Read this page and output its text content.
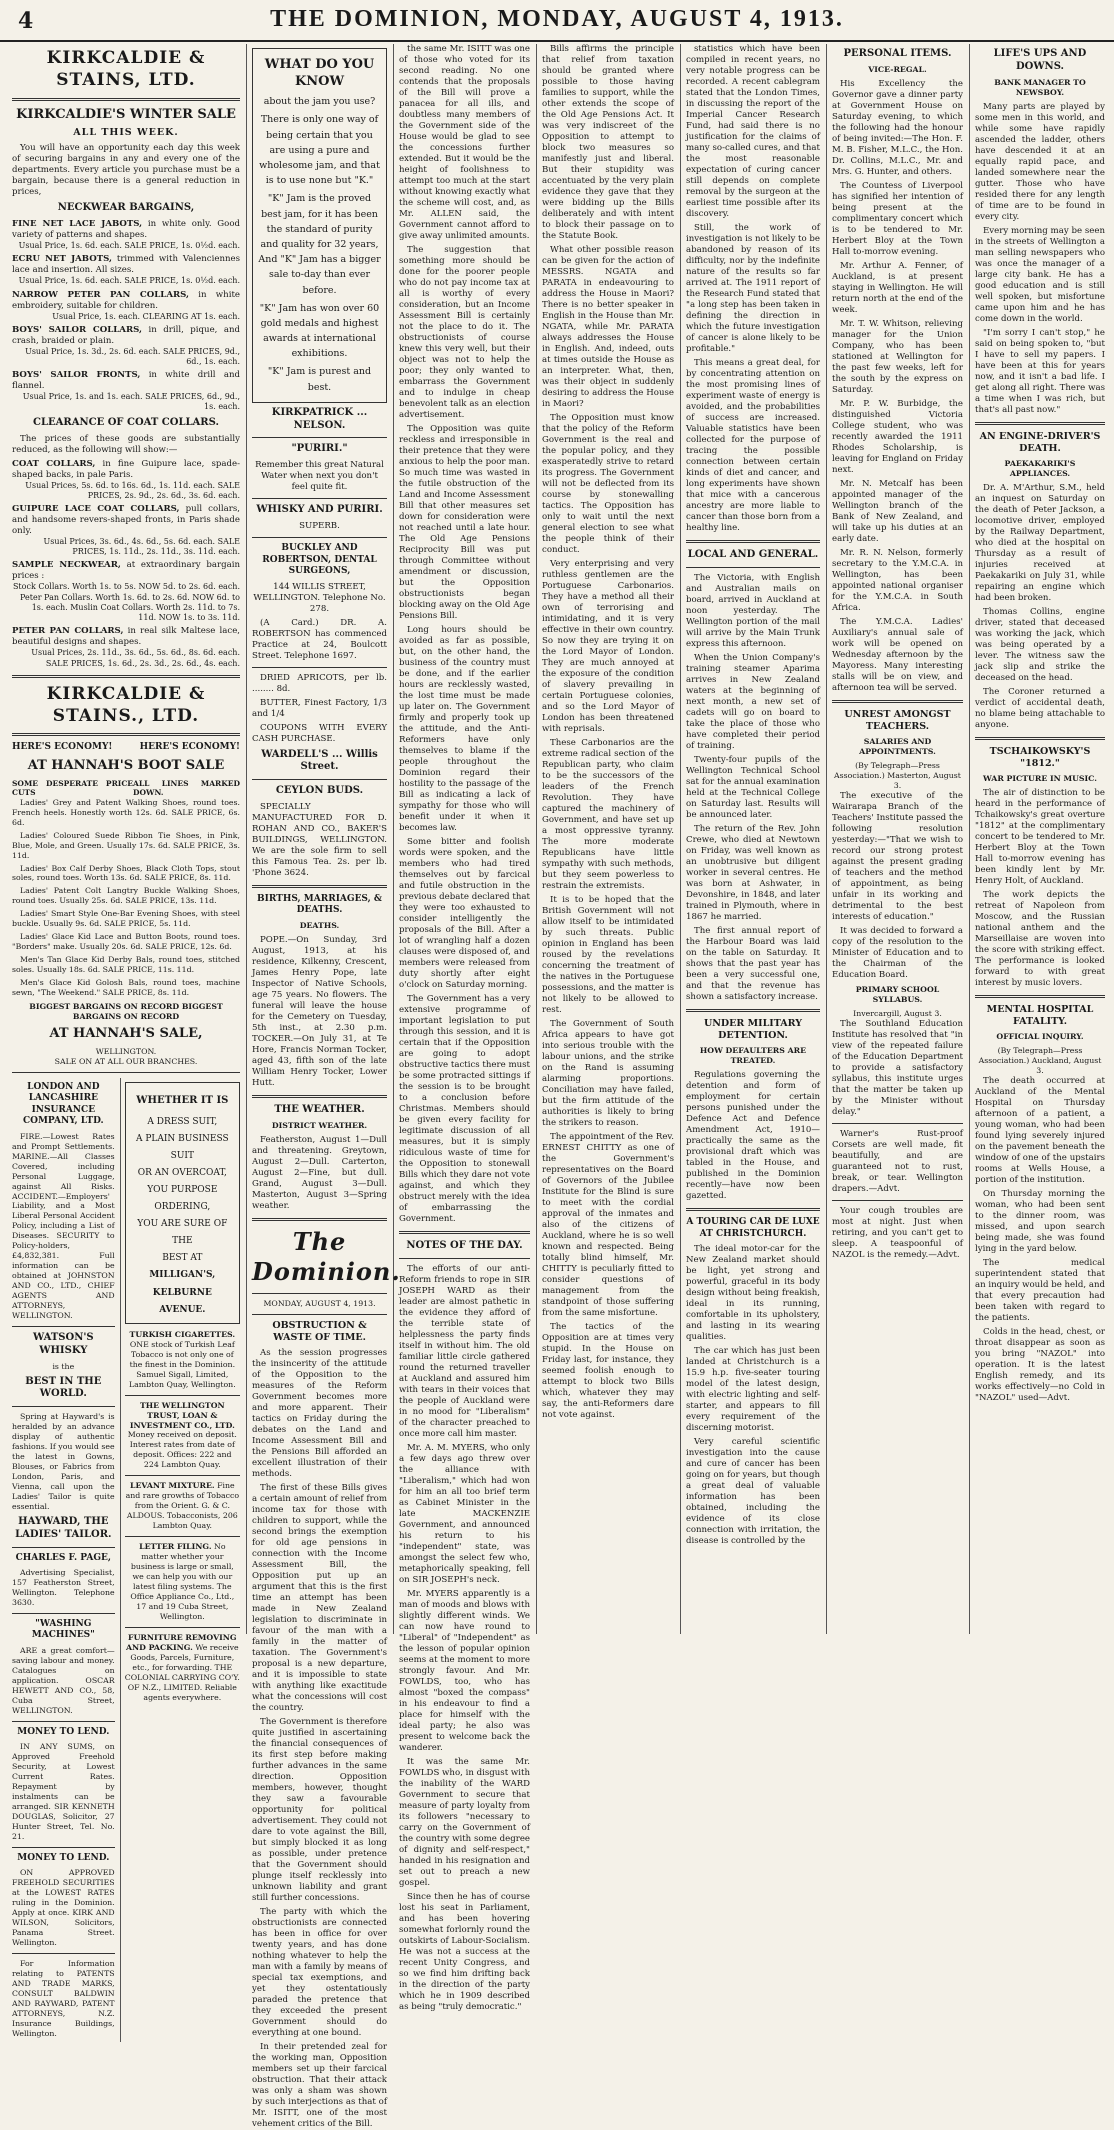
4	THE DOMINION, MONDAY, AUGUST 4, 1913.
KIRKCALDIE & STAINS, LTD.
KIRKCALDIE'S WINTER SALE
ALL THIS WEEK.

You will have an opportunity each day this week of securing bargains in any and every one of the departments. Every article you purchase must be a bargain, because there is a general reduction in prices,

NECKWEAR BARGAINS,
FINE NET LACE JABOTS, in white only. Good variety of patterns and shapes.
Usual Price, 1s. 6d. each. SALE PRICE, 1s. 0½d. each.
ECRU NET JABOTS, trimmed with Valenciennes lace and insertion. All sizes.
Usual Price, 1s. 6d. each. SALE PRICE, 1s. 0½d. each.
NARROW PETER PAN COLLARS, in white embroidery, suitable for children.
Usual Price, 1s. each. CLEARING AT 1s. each.
BOYS' SAILOR COLLARS, in drill, pique, and crash, braided or plain.
Usual Price, 1s. 3d., 2s. 6d. each. SALE PRICES, 9d., 6d., 1s. each.
BOYS' SAILOR FRONTS, in white drill and flannel.
Usual Price, 1s. and 1s. each. SALE PRICES, 6d., 9d., 1s. each.
CLEARANCE OF COAT COLLARS.

The prices of these goods are substantially reduced, as the following will show:—

COAT COLLARS, in fine Guipure lace, spade-shaped backs, in pale Paris.
Usual Prices, 5s. 6d. to 16s. 6d., 1s. 11d. each. SALE PRICES, 2s. 9d., 2s. 6d., 3s. 6d. each.
GUIPURE LACE COAT COLLARS, pull collars, and handsome revers-shaped fronts, in Paris shade only.
Usual Prices, 3s. 6d., 4s. 6d., 5s. 6d. each. SALE PRICES, 1s. 11d., 2s. 11d., 3s. 11d. each.
SAMPLE NECKWEAR, at extraordinary bargain prices :
Stock Collars. Worth 1s. to 5s. NOW 5d. to 2s. 6d. each. Peter Pan Collars. Worth 1s. 6d. to 2s. 6d. NOW 6d. to 1s. each. Muslin Coat Collars. Worth 2s. 11d. to 7s. 11d. NOW 1s. to 3s. 11d.
PETER PAN COLLARS, in real silk Maltese lace, beautiful designs and shapes.
Usual Prices, 2s. 11d., 3s. 6d., 5s. 6d., 8s. 6d. each. SALE PRICES, 1s. 6d., 2s. 3d., 2s. 6d., 4s. each.
KIRKCALDIE & STAINS., LTD.
HERE'S ECONOMY!	HERE'S ECONOMY!
AT HANNAH'S BOOT SALE
SOME DESPERATE PRICE CUTS
ALL LINES MARKED DOWN.

Ladies' Grey and Patent Walking Shoes, round toes. French heels. Honestly worth 12s. 6d. SALE PRICE, 6s. 6d.

Ladies' Coloured Suede Ribbon Tie Shoes, in Pink, Blue, Mole, and Green. Usually 17s. 6d. SALE PRICE, 3s. 11d.

Ladies' Box Calf Derby Shoes, Black Cloth Tops, stout soles, round toes. Worth 13s. 6d. SALE PRICE, 8s. 11d.

Ladies' Patent Colt Langtry Buckle Walking Shoes, round toes. Usually 25s. 6d. SALE PRICE, 13s. 11d.

Ladies' Smart Style One-Bar Evening Shoes, with steel buckle. Usually 9s. 6d. SALE PRICE, 5s. 11d.

Ladies' Glace Kid Lace and Button Boots, round toes. "Borders" make. Usually 20s. 6d. SALE PRICE, 12s. 6d.

Men's Tan Glace Kid Derby Bals, round toes, stitched soles. Usually 18s. 6d. SALE PRICE, 11s. 11d.

Men's Glace Kid Golosh Bals, round toes, machine sewn, "The Weekend." SALE PRICE, 8s. 11d.

BIGGEST BARGAINS ON RECORD BIGGEST BARGAINS ON RECORD
AT HANNAH'S SALE,
WELLINGTON.
SALE ON AT ALL OUR BRANCHES.
LONDON AND LANCASHIRE INSURANCE COMPANY, LTD.

FIRE.—Lowest Rates and Prompt Settlements. MARINE.—All Classes Covered, including Personal Luggage, against All Risks. ACCIDENT.—Employers' Liability, and a Most Liberal Personal Accident Policy, including a List of Diseases. SECURITY to Policy-holders, £4,832,381. Full information can be obtained at JOHNSTON AND CO., LTD., CHIEF AGENTS AND ATTORNEYS, WELLINGTON.

WATSON'S WHISKY
is the
BEST IN THE WORLD.

Spring at Hayward's is heralded by an advance display of authentic fashions. If you would see the latest in Gowns, Blouses, or Fabrics from London, Paris, and Vienna, call upon the Ladies' Tailor is quite essential.

HAYWARD, THE LADIES' TAILOR.
CHARLES F. PAGE,

Advertising Specialist, 157 Featherston Street, Wellington. Telephone 3630.

"WASHING MACHINES"

ARE a great comfort—saving labour and money. Catalogues on application. OSCAR HEWETT AND CO., 58, Cuba Street, WELLINGTON.

MONEY TO LEND.

IN ANY SUMS, on Approved Freehold Security, at Lowest Current Rates. Repayment by instalments can be arranged. SIR KENNETH DOUGLAS, Solicitor, 27 Hunter Street, Tel. No. 21.

MONEY TO LEND.

ON APPROVED FREEHOLD SECURITIES at the LOWEST RATES ruling in the Dominion. Apply at once. KIRK AND WILSON, Solicitors, Panama Street. Wellington.

For Information relating to PATENTS AND TRADE MARKS, CONSULT BALDWIN AND RAYWARD, PATENT ATTORNEYS, N.Z. Insurance Buildings, Wellington.

WHETHER IT IS
A DRESS SUIT,
A PLAIN BUSINESS SUIT
OR AN OVERCOAT,
YOU PURPOSE ORDERING,
YOU ARE SURE OF THE
BEST AT
MILLIGAN'S,
KELBURNE AVENUE.
TURKISH CIGARETTES. ONE stock of Turkish Leaf Tobacco is not only one of the finest in the Dominion. Samuel Sigall, Limited, Lambton Quay, Wellington.
THE WELLINGTON TRUST, LOAN & INVESTMENT CO., LTD. Money received on deposit. Interest rates from date of deposit. Offices: 222 and 224 Lambton Quay.
LEVANT MIXTURE. Fine and rare growths of Tobacco from the Orient. G. & C. ALDOUS. Tobacconists, 206 Lambton Quay.
LETTER FILING. No matter whether your business is large or small, we can help you with our latest filing systems. The Office Appliance Co., Ltd., 17 and 19 Cuba Street, Wellington.
FURNITURE REMOVING AND PACKING. We receive Goods, Parcels, Furniture, etc., for forwarding. THE COLONIAL CARRYING CO'Y. OF N.Z., LIMITED. Reliable agents everywhere.
WHAT DO YOU KNOW

about the jam you use?

There is only one way of being certain that you are using a pure and wholesome jam, and that is to use none but "K."

"K" Jam is the proved best jam, for it has been the standard of purity and quality for 32 years, And "K" Jam has a bigger sale to-day than ever before.

"K" Jam has won over 60 gold medals and highest awards at international exhibitions.

"K" Jam is purest and best.

KIRKPATRICK ... NELSON.
"PURIRI."

Remember this great Natural Water when next you don't feel quite fit.

WHISKY AND PURIRI.
SUPERB.
BUCKLEY AND ROBERTSON, DENTAL SURGEONS,

144 WILLIS STREET, WELLINGTON. Telephone No. 278.

(A Card.) DR. A. ROBERTSON has commenced Practice at 24, Boulcott Street. Telephone 1697.

DRIED APRICOTS, per lb. ........ 8d.

BUTTER, Finest Factory, 1/3 and 1/4

COUPONS WITH EVERY CASH PURCHASE.

WARDELL'S ... Willis Street.
CEYLON BUDS.

SPECIALLY MANUFACTURED FOR D. ROHAN AND CO., BAKER'S BUILDINGS, WELLINGTON. We are the sole firm to sell this Famous Tea. 2s. per lb. 'Phone 3624.

BIRTHS, MARRIAGES, & DEATHS.
DEATHS.

POPE.—On Sunday, 3rd August, 1913, at his residence, Kilkenny, Crescent, James Henry Pope, late Inspector of Native Schools, age 75 years. No flowers. The funeral will leave the house for the Cemetery on Tuesday, 5th inst., at 2.30 p.m. TOCKER.—On July 31, at Te Hore, Francis Norman Tocker, aged 43, fifth son of the late William Henry Tocker, Lower Hutt.

THE WEATHER.
DISTRICT WEATHER.

Featherston, August 1—Dull and threatening. Greytown, August 2—Dull. Carterton, August 2—Fine, but dull. Grand, August 3—Dull. Masterton, August 3—Spring weather.

The Dominion.
MONDAY, AUGUST 4, 1913.
OBSTRUCTION & WASTE OF TIME.

As the session progresses the insincerity of the attitude of the Opposition to the measures of the Reform Government becomes more and more apparent. Their tactics on Friday during the debates on the Land and Income Assessment Bill and the Pensions Bill afforded an excellent illustration of their methods.

The first of these Bills gives a certain amount of relief from income tax for those with children to support, while the second brings the exemption for old age pensions in connection with the Income Assessment Bill, the Opposition put up an argument that this is the first time an attempt has been made in New Zealand legislation to discriminate in favour of the man with a family in the matter of taxation. The Government's proposal is a new departure, and it is impossible to state with anything like exactitude what the concessions will cost the country.

The Government is therefore quite justified in ascertaining the financial consequences of its first step before making further advances in the same direction. Opposition members, however, thought they saw a favourable opportunity for political advertisement. They could not dare to vote against the Bill, but simply blocked it as long as possible, under pretence that the Government should plunge itself recklessly into unknown liability and grant still further concessions.

The party with which the obstructionists are connected has been in office for over twenty years, and has done nothing whatever to help the man with a family by means of special tax exemptions, and yet they ostentatiously paraded the pretence that they exceeded the present Government should do everything at one bound.

In their pretended zeal for the working man, Opposition members set up their farcical obstruction. That their attack was only a sham was shown by such interjections as that of Mr. ISITT, one of the most vehement critics of the Bill.

the same Mr. ISITT was one of those who voted for its second reading. No one contends that the proposals of the Bill will prove a panacea for all ills, and doubtless many members of the Government side of the House would be glad to see the concessions further extended. But it would be the height of foolishness to attempt too much at the start without knowing exactly what the scheme will cost, and, as Mr. ALLEN said, the Government cannot afford to give away unlimited amounts.

The suggestion that something more should be done for the poorer people who do not pay income tax at all is worthy of every consideration, but an Income Assessment Bill is certainly not the place to do it. The obstructionists of course knew this very well, but their object was not to help the poor; they only wanted to embarrass the Government and to indulge in cheap benevolent talk as an election advertisement.

The Opposition was quite reckless and irresponsible in their pretence that they were anxious to help the poor man. So much time was wasted in the futile obstruction of the Land and Income Assessment Bill that other measures set down for consideration were not reached until a late hour. The Old Age Pensions Reciprocity Bill was put through Committee without amendment or discussion, but the Opposition obstructionists began blocking away on the Old Age Pensions Bill.

Long hours should be avoided as far as possible, but, on the other hand, the business of the country must be done, and if the earlier hours are recklessly wasted, the lost time must be made up later on. The Government firmly and properly took up the attitude, and the Anti-Reformers have only themselves to blame if the people throughout the Dominion regard their hostility to the passage of the Bill as indicating a lack of sympathy for those who will benefit under it when it becomes law.

Some bitter and foolish words were spoken, and the members who had tired themselves out by farcical and futile obstruction in the previous debate declared that they were too exhausted to consider intelligently the proposals of the Bill. After a lot of wrangling half a dozen clauses were disposed of, and members were released from duty shortly after eight o'clock on Saturday morning.

The Government has a very extensive programme of important legislation to put through this session, and it is certain that if the Opposition are going to adopt obstructive tactics there must be some protracted sittings if the session is to be brought to a conclusion before Christmas. Members should be given every facility for legitimate discussion of all measures, but it is simply ridiculous waste of time for the Opposition to stonewall Bills which they dare not vote against, and which they obstruct merely with the idea of embarrassing the Government.

NOTES OF THE DAY.

The efforts of our anti-Reform friends to rope in SIR JOSEPH WARD as their leader are almost pathetic in the evidence they afford of the terrible state of helplessness the party finds itself in without him. The old familiar little circle gathered round the returned traveller at Auckland and assured him with tears in their voices that the people of Auckland were in no mood for "Liberalism" of the character preached to once more call him master.

Mr. A. M. MYERS, who only a few days ago threw over the alliance with "Liberalism," which had won for him an all too brief term as Cabinet Minister in the late MACKENZIE Government, and announced his return to his "independent" state, was amongst the select few who, metaphorically speaking, fell on SIR JOSEPH's neck.

Mr. MYERS apparently is a man of moods and blows with slightly different winds. We can now have round to "Liberal" of "Independent" as the lesson of popular opinion seems at the moment to more strongly favour. And Mr. FOWLDS, too, who has almost "boxed the compass" in his endeavour to find a place for himself with the ideal party; he also was present to welcome back the wanderer.

It was the same Mr. FOWLDS who, in disgust with the inability of the WARD Government to secure that measure of party loyalty from its followers "necessary to carry on the Government of the country with some degree of dignity and self-respect," handed in his resignation and set out to preach a new gospel.

Since then he has of course lost his seat in Parliament, and has been hovering somewhat forlornly round the outskirts of Labour-Socialism. He was not a success at the recent Unity Congress, and so we find him drifting back in the direction of the party which he in 1909 described as being "truly democratic."

Bills affirms the principle that relief from taxation should be granted where possible to those having families to support, while the other extends the scope of the Old Age Pensions Act. It was very indiscreet of the Opposition to attempt to block two measures so manifestly just and liberal. But their stupidity was accentuated by the very plain evidence they gave that they were bidding up the Bills deliberately and with intent to block their passage on to the Statute Book.

What other possible reason can be given for the action of MESSRS. NGATA and PARATA in endeavouring to address the House in Maori? There is no better speaker in English in the House than Mr. NGATA, while Mr. PARATA always addresses the House in English. And, indeed, outs at times outside the House as an interpreter. What, then, was their object in suddenly desiring to address the House in Maori?

The Opposition must know that the policy of the Reform Government is the real and the popular policy, and they exasperatedly strive to retard its progress. The Government will not be deflected from its course by stonewalling tactics. The Opposition has only to wait until the next general election to see what the people think of their conduct.

Very enterprising and very ruthless gentlemen are the Portuguese Carbonarios. They have a method all their own of terrorising and intimidating, and it is very effective in their own country. So now they are trying it on the Lord Mayor of London. They are much annoyed at the exposure of the condition of slavery prevailing in certain Portuguese colonies, and so the Lord Mayor of London has been threatened with reprisals.

These Carbonarios are the extreme radical section of the Republican party, who claim to be the successors of the leaders of the French Revolution. They have captured the machinery of Government, and have set up a most oppressive tyranny. The more moderate Republicans have little sympathy with such methods, but they seem powerless to restrain the extremists.

It is to be hoped that the British Government will not allow itself to be intimidated by such threats. Public opinion in England has been roused by the revelations concerning the treatment of the natives in the Portuguese possessions, and the matter is not likely to be allowed to rest.

The Government of South Africa appears to have got into serious trouble with the labour unions, and the strike on the Rand is assuming alarming proportions. Conciliation may have failed, but the firm attitude of the authorities is likely to bring the strikers to reason.

The appointment of the Rev. ERNEST CHITTY as one of the Government's representatives on the Board of Governors of the Jubilee Institute for the Blind is sure to meet with the cordial approval of the inmates and also of the citizens of Auckland, where he is so well known and respected. Being totally blind himself, Mr. CHITTY is peculiarly fitted to consider questions of management from the standpoint of those suffering from the same misfortune.

The tactics of the Opposition are at times very stupid. In the House on Friday last, for instance, they seemed foolish enough to attempt to block two Bills which, whatever they may say, the anti-Reformers dare not vote against.

statistics which have been compiled in recent years, no very notable progress can be recorded. A recent cablegram stated that the London Times, in discussing the report of the Imperial Cancer Research Fund, had said there is no justification for the claims of many so-called cures, and that the most reasonable expectation of curing cancer still depends on complete removal by the surgeon at the earliest time possible after its discovery.

Still, the work of investigation is not likely to be abandoned by reason of its difficulty, nor by the indefinite nature of the results so far arrived at. The 1911 report of the Research Fund stated that "a long step has been taken in defining the direction in which the future investigation of cancer is alone likely to be profitable."

This means a great deal, for by concentrating attention on the most promising lines of experiment waste of energy is avoided, and the probabilities of success are increased. Valuable statistics have been collected for the purpose of tracing the possible connection between certain kinds of diet and cancer, and long experiments have shown that mice with a cancerous ancestry are more liable to cancer than those born from a healthy line.

LOCAL AND GENERAL.

The Victoria, with English and Australian mails on board, arrived in Auckland at noon yesterday. The Wellington portion of the mail will arrive by the Main Trunk express this afternoon.

When the Union Company's training steamer Aparima arrives in New Zealand waters at the beginning of next month, a new set of cadets will go on board to take the place of those who have completed their period of training.

Twenty-four pupils of the Wellington Technical School sat for the annual examination held at the Technical College on Saturday last. Results will be announced later.

The return of the Rev. John Crewe, who died at Newtown on Friday, was well known as an unobtrusive but diligent worker in several centres. He was born at Ashwater, in Devonshire, in 1848, and later trained in Plymouth, where in 1867 he married.

The first annual report of the Harbour Board was laid on the table on Saturday. It shows that the past year has been a very successful one, and that the revenue has shown a satisfactory increase.

UNDER MILITARY DETENTION.
HOW DEFAULTERS ARE TREATED.

Regulations governing the detention and form of employment for certain persons punished under the Defence Act and Defence Amendment Act, 1910—practically the same as the provisional draft which was tabled in the House, and published in the Dominion recently—have now been gazetted.

A TOURING CAR DE LUXE AT CHRISTCHURCH.

The ideal motor-car for the New Zealand market should be light, yet strong and powerful, graceful in its body design without being freakish, ideal in its running, comfortable in its upholstery, and lasting in its wearing qualities.

The car which has just been landed at Christchurch is a 15.9 h.p. five-seater touring model of the latest design, with electric lighting and self-starter, and appears to fill every requirement of the discerning motorist.

Very careful scientific investigation into the cause and cure of cancer has been going on for years, but though a great deal of valuable information has been obtained, including the evidence of its close connection with irritation, the disease is controlled by the

PERSONAL ITEMS.
VICE-REGAL.

His Excellency the Governor gave a dinner party at Government House on Saturday evening, to which the following had the honour of being invited:—The Hon. F. M. B. Fisher, M.L.C., the Hon. Dr. Collins, M.L.C., Mr. and Mrs. G. Hunter, and others.

The Countess of Liverpool has signified her intention of being present at the complimentary concert which is to be tendered to Mr. Herbert Bloy at the Town Hall to-morrow evening.

Mr. Arthur A. Fenner, of Auckland, is at present staying in Wellington. He will return north at the end of the week.

Mr. T. W. Whitson, relieving manager for the Union Company, who has been stationed at Wellington for the past few weeks, left for the south by the express on Saturday.

Mr. P. W. Burbidge, the distinguished Victoria College student, who was recently awarded the 1911 Rhodes Scholarship, is leaving for England on Friday next.

Mr. N. Metcalf has been appointed manager of the Wellington branch of the Bank of New Zealand, and will take up his duties at an early date.

Mr. R. N. Nelson, formerly secretary to the Y.M.C.A. in Wellington, has been appointed national organiser for the Y.M.C.A. in South Africa.

The Y.M.C.A. Ladies' Auxiliary's annual sale of work will be opened on Wednesday afternoon by the Mayoress. Many interesting stalls will be on view, and afternoon tea will be served.

UNREST AMONGST TEACHERS.
SALARIES AND APPOINTMENTS.
(By Telegraph—Press Association.) Masterton, August 3.

The executive of the Wairarapa Branch of the Teachers' Institute passed the following resolution yesterday:—"That we wish to record our strong protest against the present grading of teachers and the method of appointment, as being unfair in its working and detrimental to the best interests of education."

It was decided to forward a copy of the resolution to the Minister of Education and to the Chairman of the Education Board.

PRIMARY SCHOOL SYLLABUS.
Invercargill, August 3.

The Southland Education Institute has resolved that "in view of the repeated failure of the Education Department to provide a satisfactory syllabus, this institute urges that the matter be taken up by the Minister without delay."

Warner's Rust-proof Corsets are well made, fit beautifully, and are guaranteed not to rust, break, or tear. Wellington drapers.—Advt.

Your cough troubles are most at night. Just when retiring, and you can't get to sleep. A teaspoonful of NAZOL is the remedy.—Advt.

LIFE'S UPS AND DOWNS.
BANK MANAGER TO NEWSBOY.

Many parts are played by some men in this world, and while some have rapidly ascended the ladder, others have descended it at an equally rapid pace, and landed somewhere near the gutter. Those who have resided there for any length of time are to be found in every city.

Every morning may be seen in the streets of Wellington a man selling newspapers who was once the manager of a large city bank. He has a good education and is still well spoken, but misfortune came upon him and he has come down in the world.

"I'm sorry I can't stop," he said on being spoken to, "but I have to sell my papers. I have been at this for years now, and it isn't a bad life. I get along all right. There was a time when I was rich, but that's all past now."

AN ENGINE-DRIVER'S DEATH.
PAEKAKARIKI'S APPLIANCES.

Dr. A. M'Arthur, S.M., held an inquest on Saturday on the death of Peter Jackson, a locomotive driver, employed by the Railway Department, who died at the hospital on Thursday as a result of injuries received at Paekakariki on July 31, while repairing an engine which had been broken.

Thomas Collins, engine driver, stated that deceased was working the jack, which was being operated by a lever. The witness saw the jack slip and strike the deceased on the head.

The Coroner returned a verdict of accidental death, no blame being attachable to anyone.

TSCHAIKOWSKY'S "1812."
WAR PICTURE IN MUSIC.

The air of distinction to be heard in the performance of Tchaikowsky's great overture "1812" at the complimentary concert to be tendered to Mr. Herbert Bloy at the Town Hall to-morrow evening has been kindly lent by Mr. Henry Holt, of Auckland.

The work depicts the retreat of Napoleon from Moscow, and the Russian national anthem and the Marseillaise are woven into the score with striking effect. The performance is looked forward to with great interest by music lovers.

MENTAL HOSPITAL FATALITY.
OFFICIAL INQUIRY.
(By Telegraph—Press Association.) Auckland, August 3.

The death occurred at Auckland of the Mental Hospital on Thursday afternoon of a patient, a young woman, who had been found lying severely injured on the pavement beneath the window of one of the upstairs rooms at Wells House, a portion of the institution.

On Thursday morning the woman, who had been sent to the dinner room, was missed, and upon search being made, she was found lying in the yard below.

The medical superintendent stated that an inquiry would be held, and that every precaution had been taken with regard to the patients.

Colds in the head, chest, or throat disappear as soon as you bring "NAZOL" into operation. It is the latest English remedy, and its works effectively—no Cold in "NAZOL" used—Advt.
